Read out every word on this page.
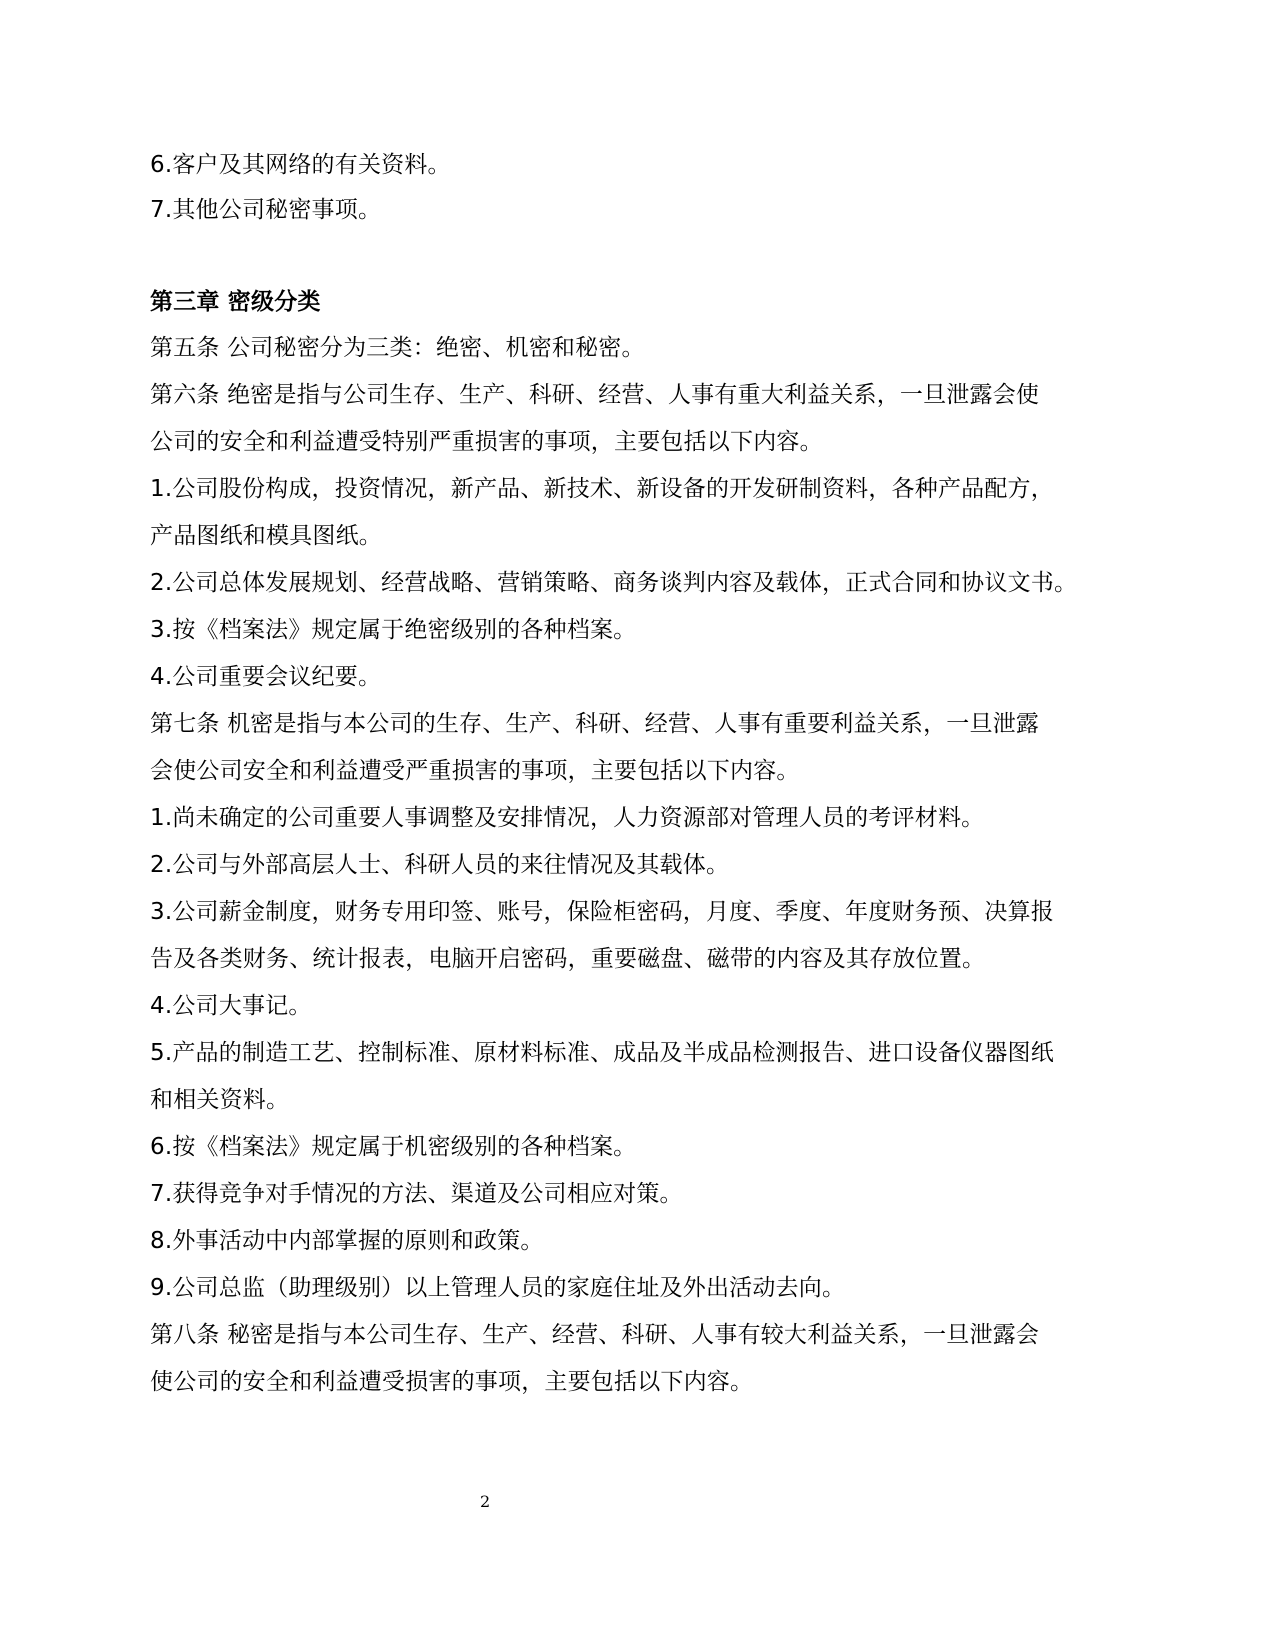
6.客户及其网络的有关资料。
7.其他公司秘密事项。
第三章 密级分类
第五条 公司秘密分为三类：绝密、机密和秘密。
第六条 绝密是指与公司生存、生产、科研、经营、人事有重大利益关系，一旦泄露会使
公司的安全和利益遭受特别严重损害的事项，主要包括以下内容。
1.公司股份构成，投资情况，新产品、新技术、新设备的开发研制资料，各种产品配方，
产品图纸和模具图纸。
2.公司总体发展规划、经营战略、营销策略、商务谈判内容及载体，正式合同和协议文书。
3.按《档案法》规定属于绝密级别的各种档案。
4.公司重要会议纪要。
第七条 机密是指与本公司的生存、生产、科研、经营、人事有重要利益关系，一旦泄露
会使公司安全和利益遭受严重损害的事项，主要包括以下内容。
1.尚未确定的公司重要人事调整及安排情况，人力资源部对管理人员的考评材料。
2.公司与外部高层人士、科研人员的来往情况及其载体。
3.公司薪金制度，财务专用印签、账号，保险柜密码，月度、季度、年度财务预、决算报
告及各类财务、统计报表，电脑开启密码，重要磁盘、磁带的内容及其存放位置。
4.公司大事记。
5.产品的制造工艺、控制标准、原材料标准、成品及半成品检测报告、进口设备仪器图纸
和相关资料。
6.按《档案法》规定属于机密级别的各种档案。
7.获得竞争对手情况的方法、渠道及公司相应对策。
8.外事活动中内部掌握的原则和政策。
9.公司总监（助理级别）以上管理人员的家庭住址及外出活动去向。
第八条 秘密是指与本公司生存、生产、经营、科研、人事有较大利益关系，一旦泄露会
使公司的安全和利益遭受损害的事项，主要包括以下内容。
2
